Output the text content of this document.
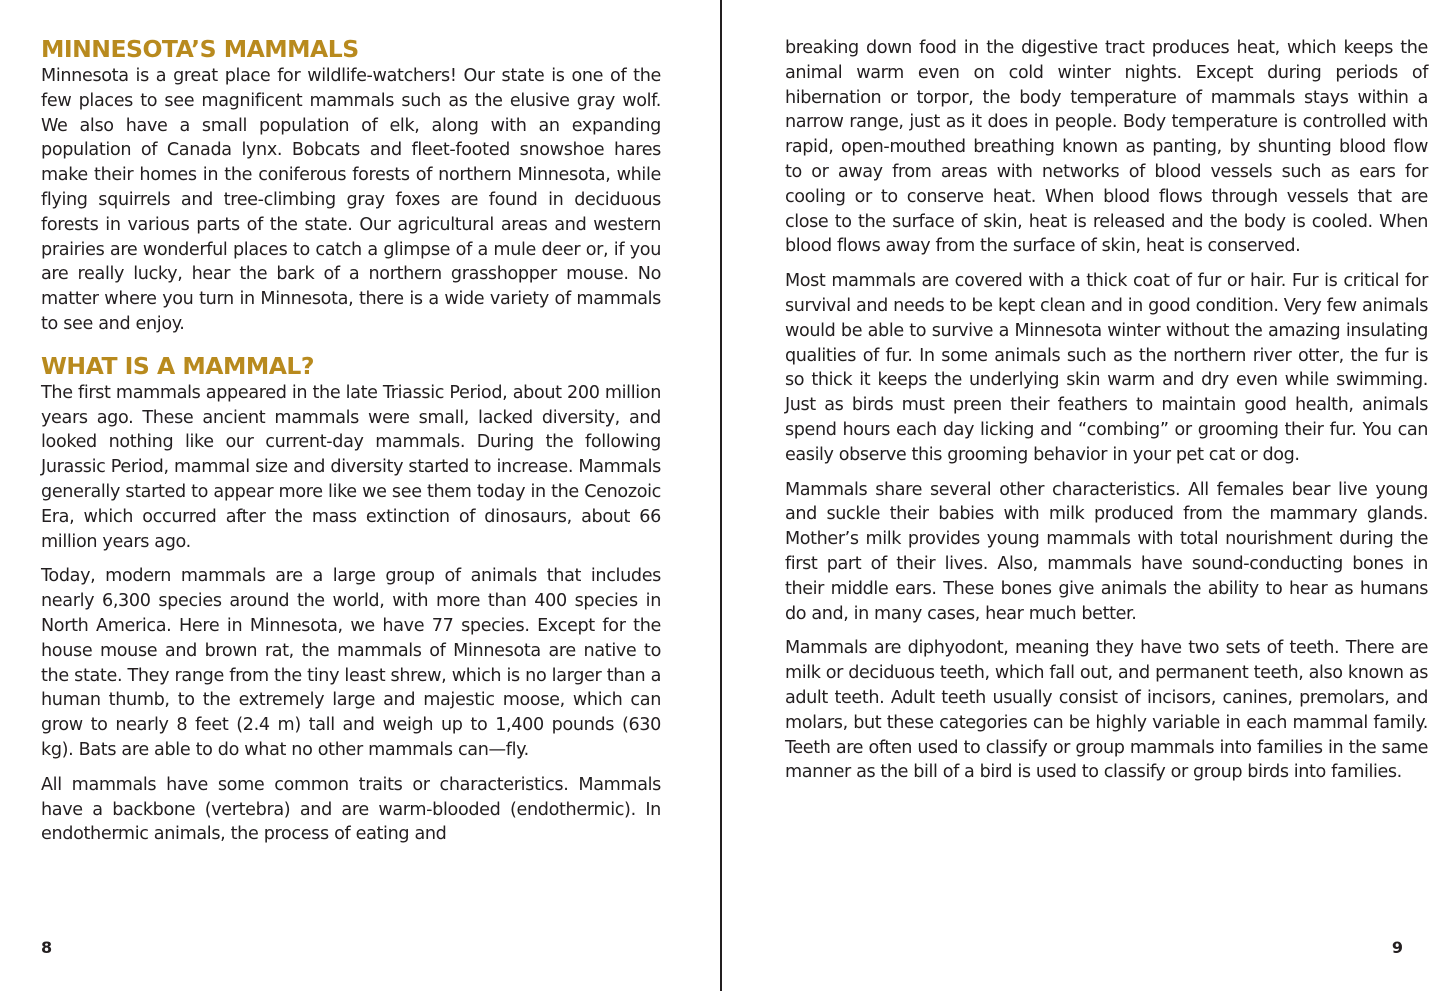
MINNESOTA’S MAMMALS

Minnesota is a great place for wildlife-watchers! Our state is one of the few places to see magnificent mammals such as the elusive gray wolf. We also have a small population of elk, along with an expanding population of Canada lynx. Bobcats and fleet-footed snowshoe hares make their homes in the coniferous forests of northern Minnesota, while flying squirrels and tree-climbing gray foxes are found in deciduous forests in various parts of the state. Our agricultural areas and western prairies are wonderful places to catch a glimpse of a mule deer or, if you are really lucky, hear the bark of a northern grasshopper mouse. No matter where you turn in Minnesota, there is a wide variety of mammals to see and enjoy.

WHAT IS A MAMMAL?

The first mammals appeared in the late Triassic Period, about 200 million years ago. These ancient mammals were small, lacked diversity, and looked nothing like our current-day mammals. During the following Jurassic Period, mammal size and diversity started to increase. Mammals generally started to appear more like we see them today in the Cenozoic Era, which occurred after the mass extinction of dinosaurs, about 66 million years ago.

Today, modern mammals are a large group of animals that includes nearly 6,300 species around the world, with more than 400 species in North America. Here in Minnesota, we have 77 species. Except for the house mouse and brown rat, the mammals of Minnesota are native to the state. They range from the tiny least shrew, which is no larger than a human thumb, to the extremely large and majestic moose, which can grow to nearly 8 feet (2.4 m) tall and weigh up to 1,400 pounds (630 kg). Bats are able to do what no other mammals can—fly.

All mammals have some common traits or characteristics. Mammals have a backbone (vertebra) and are warm-blooded (endothermic). In endothermic animals, the process of eating and

8

breaking down food in the digestive tract produces heat, which keeps the animal warm even on cold winter nights. Except during periods of hibernation or torpor, the body temperature of mammals stays within a narrow range, just as it does in people. Body temperature is controlled with rapid, open-mouthed breathing known as panting, by shunting blood flow to or away from areas with networks of blood vessels such as ears for cooling or to conserve heat. When blood flows through vessels that are close to the surface of skin, heat is released and the body is cooled. When blood flows away from the surface of skin, heat is conserved.

Most mammals are covered with a thick coat of fur or hair. Fur is critical for survival and needs to be kept clean and in good condition. Very few animals would be able to survive a Minnesota winter without the amazing insulating qualities of fur. In some animals such as the northern river otter, the fur is so thick it keeps the underlying skin warm and dry even while swimming. Just as birds must preen their feathers to maintain good health, animals spend hours each day licking and “combing” or grooming their fur. You can easily observe this grooming behavior in your pet cat or dog.

Mammals share several other characteristics. All females bear live young and suckle their babies with milk produced from the mammary glands. Mother’s milk provides young mammals with total nourishment during the first part of their lives. Also, mammals have sound-conducting bones in their middle ears. These bones give animals the ability to hear as humans do and, in many cases, hear much better.

Mammals are diphyodont, meaning they have two sets of teeth. There are milk or deciduous teeth, which fall out, and permanent teeth, also known as adult teeth. Adult teeth usually consist of incisors, canines, premolars, and molars, but these categories can be highly variable in each mammal family. Teeth are often used to classify or group mammals into families in the same manner as the bill of a bird is used to classify or group birds into families.

9
